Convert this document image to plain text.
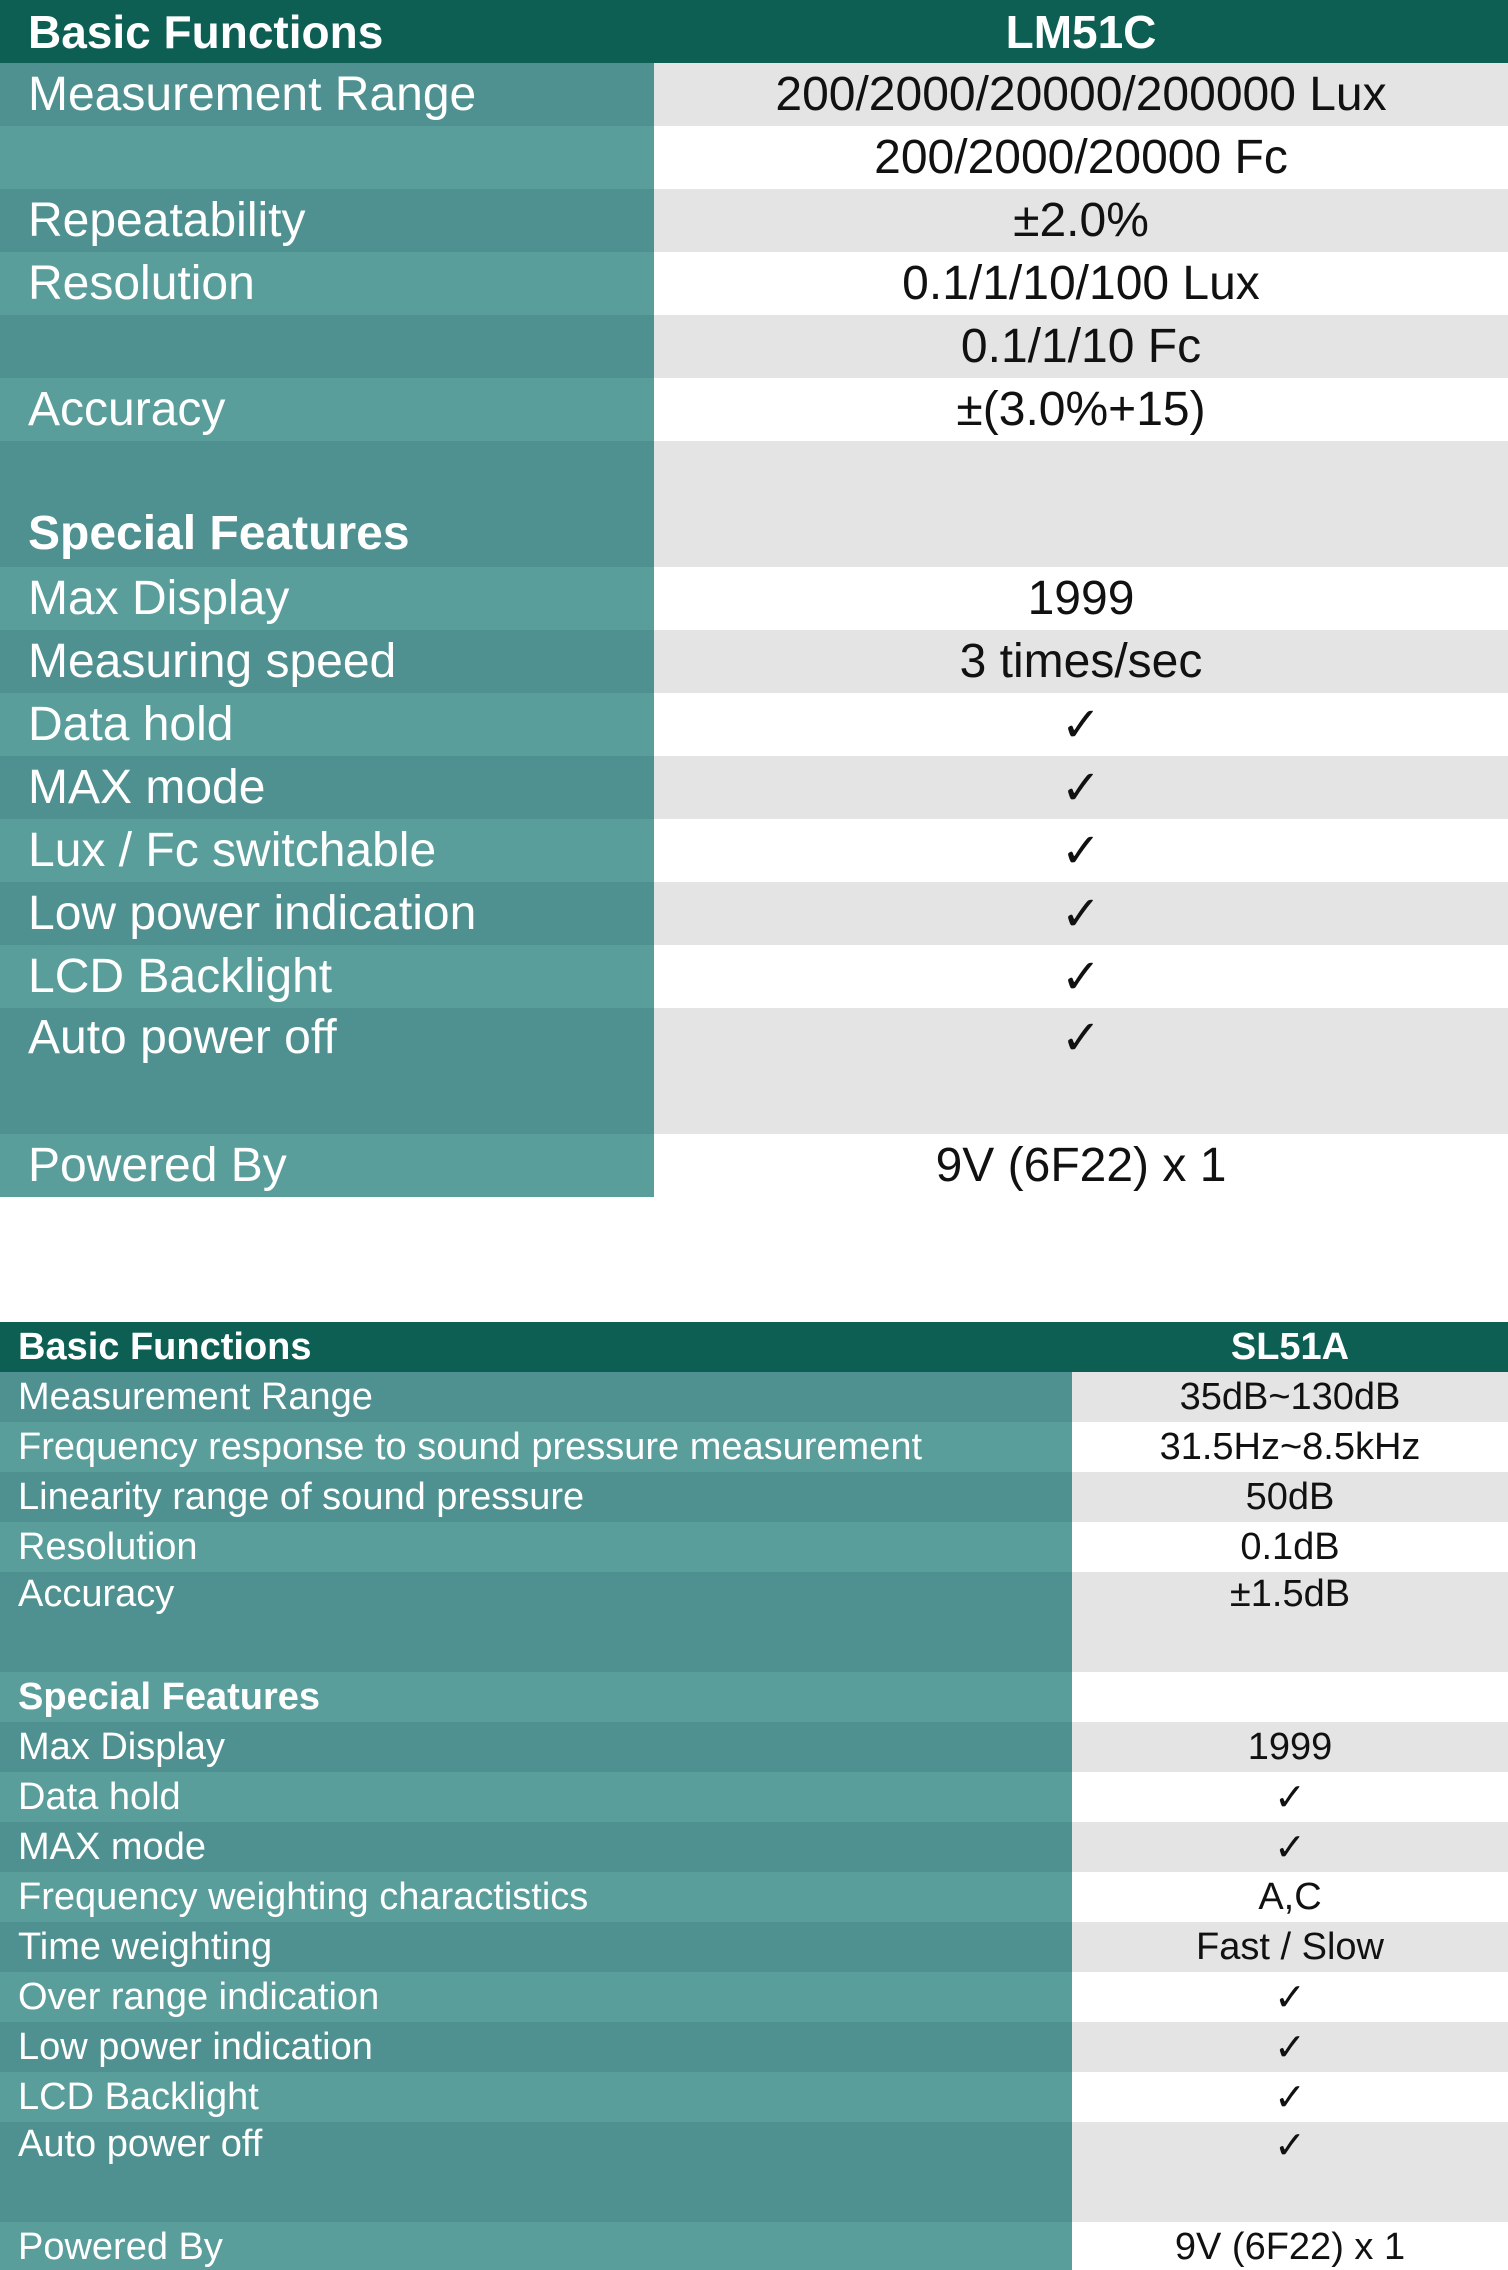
Basic Functions	LM51C
Measurement Range	200/2000/20000/200000 Lux
200/2000/20000 Fc
Repeatability	±2.0%
Resolution	0.1/1/10/100 Lux
0.1/1/10 Fc
Accuracy	±(3.0%+15)
Special Features
Max Display	1999
Measuring speed	3 times/sec
Data hold	✓
MAX mode	✓
Lux / Fc switchable	✓
Low power indication	✓
LCD Backlight	✓
Auto power off	✓
Powered By	9V (6F22) x 1
Basic Functions	SL51A
Measurement Range	35dB~130dB
Frequency response to sound pressure measurement	31.5Hz~8.5kHz
Linearity range of sound pressure	50dB
Resolution	0.1dB
Accuracy	±1.5dB
Special Features
Max Display	1999
Data hold	✓
MAX mode	✓
Frequency weighting charactistics	A,C
Time weighting	Fast / Slow
Over range indication	✓
Low power indication	✓
LCD Backlight	✓
Auto power off	✓
Powered By	9V (6F22) x 1
